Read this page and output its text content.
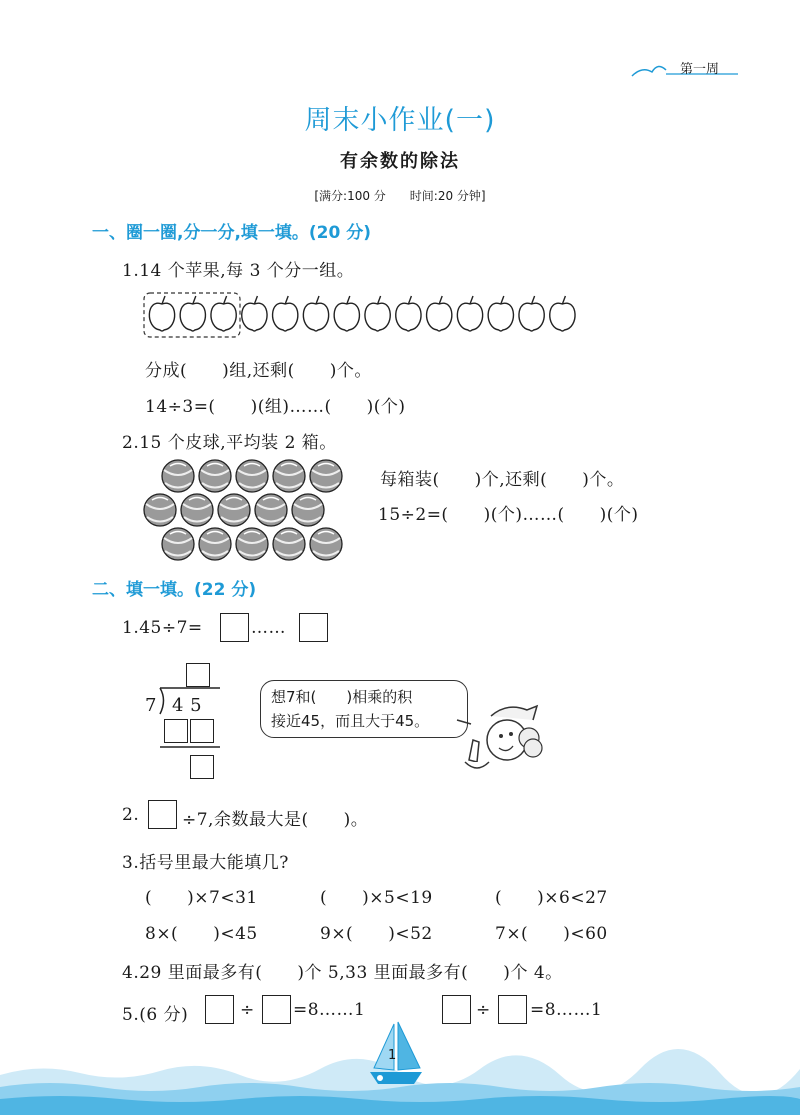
第一周
周末小作业(一)
有余数的除法
[满分:100 分　　时间:20 分钟]
一、圈一圈,分一分,填一填。(20 分)
1.14 个苹果,每 3 个分一组。
分成(　　)组,还剩(　　)个。
14÷3=(　　)(组)……(　　)(个)
2.15 个皮球,平均装 2 箱。
每箱装(　　)个,还剩(　　)个。
15÷2=(　　)(个)……(　　)(个)
二、填一填。(22 分)
1.45÷7=	……
7 4 5	想7和(　　)相乘的积
接近45，而且大于45。
2.	÷7,余数最大是(　　)。
3.括号里最大能填几?
(　　)×7<31	(　　)×5<19	(　　)×6<27
8×(　　)<45	9×(　　)<52	7×(　　)<60
4.29 里面最多有(　　)个 5,33 里面最多有(　　)个 4。
5.(6 分)	÷ =8……1	÷ =8……1
1
